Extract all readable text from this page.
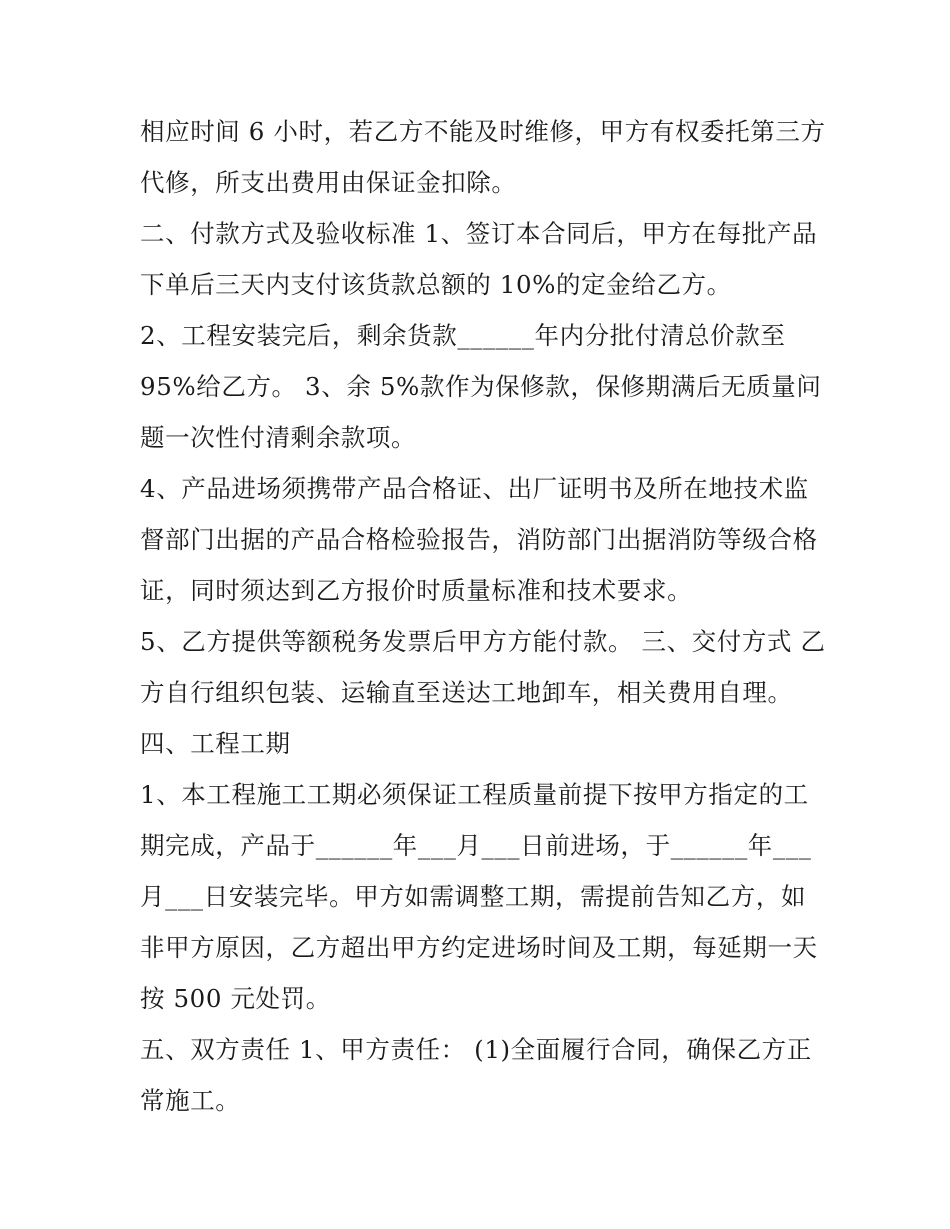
相应时间 6 小时，若乙方不能及时维修，甲方有权委托第三方
代修，所支出费用由保证金扣除。
二、付款方式及验收标准 1、签订本合同后，甲方在每批产品
下单后三天内支付该货款总额的 10%的定金给乙方。
2、工程安装完后，剩余货款______年内分批付清总价款至
95%给乙方。 3、余 5%款作为保修款，保修期满后无质量问
题一次性付清剩余款项。
4、产品进场须携带产品合格证、出厂证明书及所在地技术监
督部门出据的产品合格检验报告，消防部门出据消防等级合格
证，同时须达到乙方报价时质量标准和技术要求。
5、乙方提供等额税务发票后甲方方能付款。 三、交付方式 乙
方自行组织包装、运输直至送达工地卸车，相关费用自理。
四、工程工期
1、本工程施工工期必须保证工程质量前提下按甲方指定的工
期完成，产品于______年___月___日前进场，于______年___
月___日安装完毕。甲方如需调整工期，需提前告知乙方，如
非甲方原因，乙方超出甲方约定进场时间及工期，每延期一天
按 500 元处罚。
五、双方责任 1、甲方责任： (1)全面履行合同，确保乙方正
常施工。
